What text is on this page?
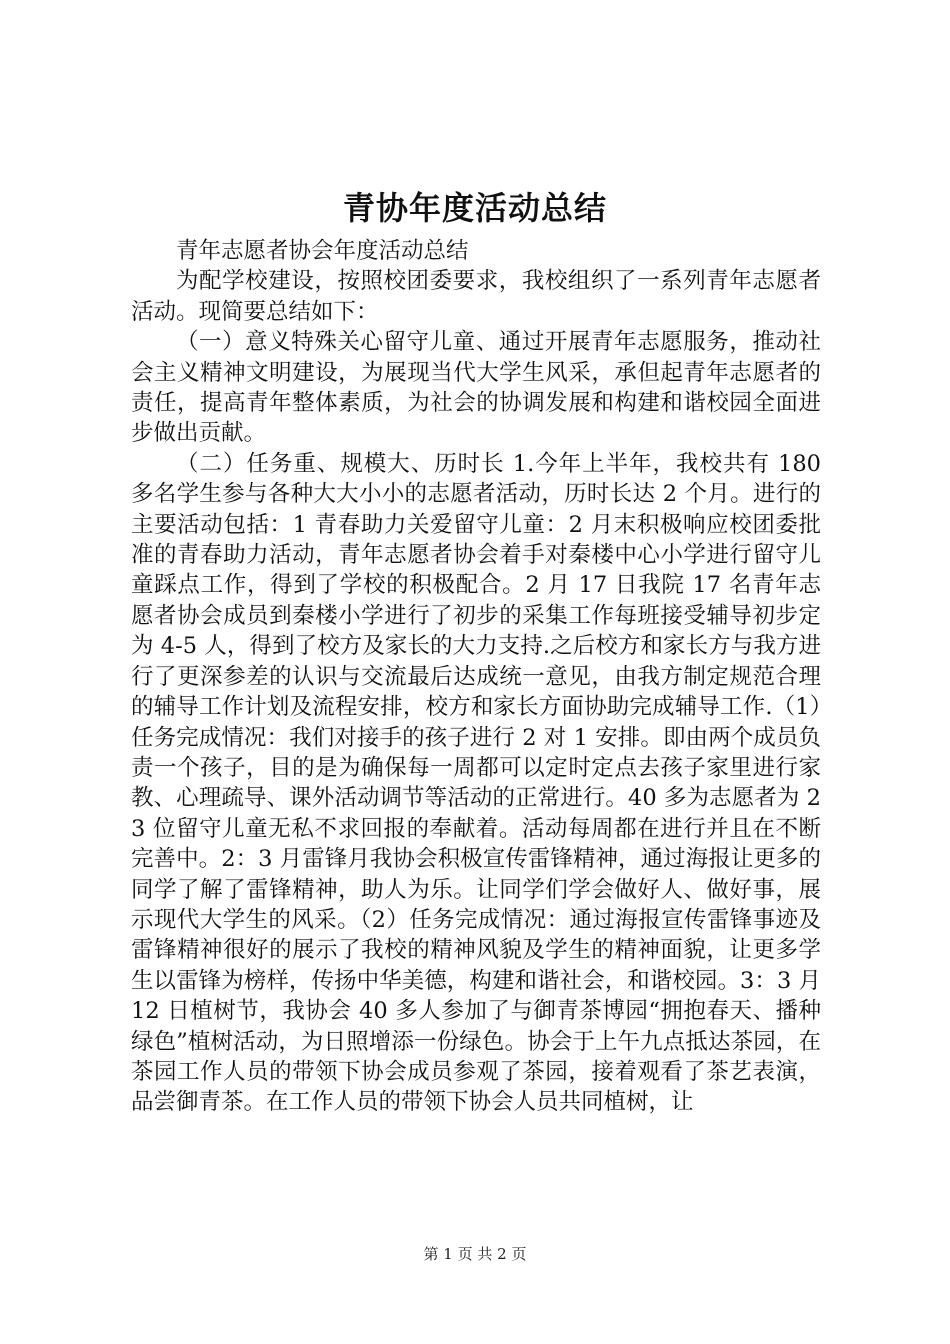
青协年度活动总结

青年志愿者协会年度活动总结

为配学校建设，按照校团委要求，我校组织了一系列青年志愿者活动。现简要总结如下：

（一）意义特殊关心留守儿童、通过开展青年志愿服务，推动社会主义精神文明建设，为展现当代大学生风采，承但起青年志愿者的责任，提高青年整体素质，为社会的协调发展和构建和谐校园全面进步做出贡献。

（二）任务重、规模大、历时长 1.今年上半年，我校共有 180 多名学生参与各种大大小小的志愿者活动，历时长达 2 个月。进行的主要活动包括：1 青春助力关爱留守儿童：2 月末积极响应校团委批准的青春助力活动，青年志愿者协会着手对秦楼中心小学进行留守儿童踩点工作，得到了学校的积极配合。2 月 17 日我院 17 名青年志愿者协会成员到秦楼小学进行了初步的采集工作每班接受辅导初步定为 4-5 人，得到了校方及家长的大力支持.之后校方和家长方与我方进行了更深参差的认识与交流最后达成统一意见，由我方制定规范合理的辅导工作计划及流程安排，校方和家长方面协助完成辅导工作.（1）任务完成情况：我们对接手的孩子进行 2 对 1 安排。即由两个成员负责一个孩子，目的是为确保每一周都可以定时定点去孩子家里进行家教、心理疏导、课外活动调节等活动的正常进行。40 多为志愿者为 23 位留守儿童无私不求回报的奉献着。活动每周都在进行并且在不断完善中。2：3 月雷锋月我协会积极宣传雷锋精神，通过海报让更多的同学了解了雷锋精神，助人为乐。让同学们学会做好人、做好事，展示现代大学生的风采。（2）任务完成情况：通过海报宣传雷锋事迹及雷锋精神很好的展示了我校的精神风貌及学生的精神面貌，让更多学生以雷锋为榜样，传扬中华美德，构建和谐社会，和谐校园。3：3 月 12 日植树节，我协会 40 多人参加了与御青茶博园“拥抱春天、播种绿色”植树活动，为日照增添一份绿色。协会于上午九点抵达茶园，在茶园工作人员的带领下协会成员参观了茶园，接着观看了茶艺表演，品尝御青茶。在工作人员的带领下协会人员共同植树，让

第 1 页 共 2 页
